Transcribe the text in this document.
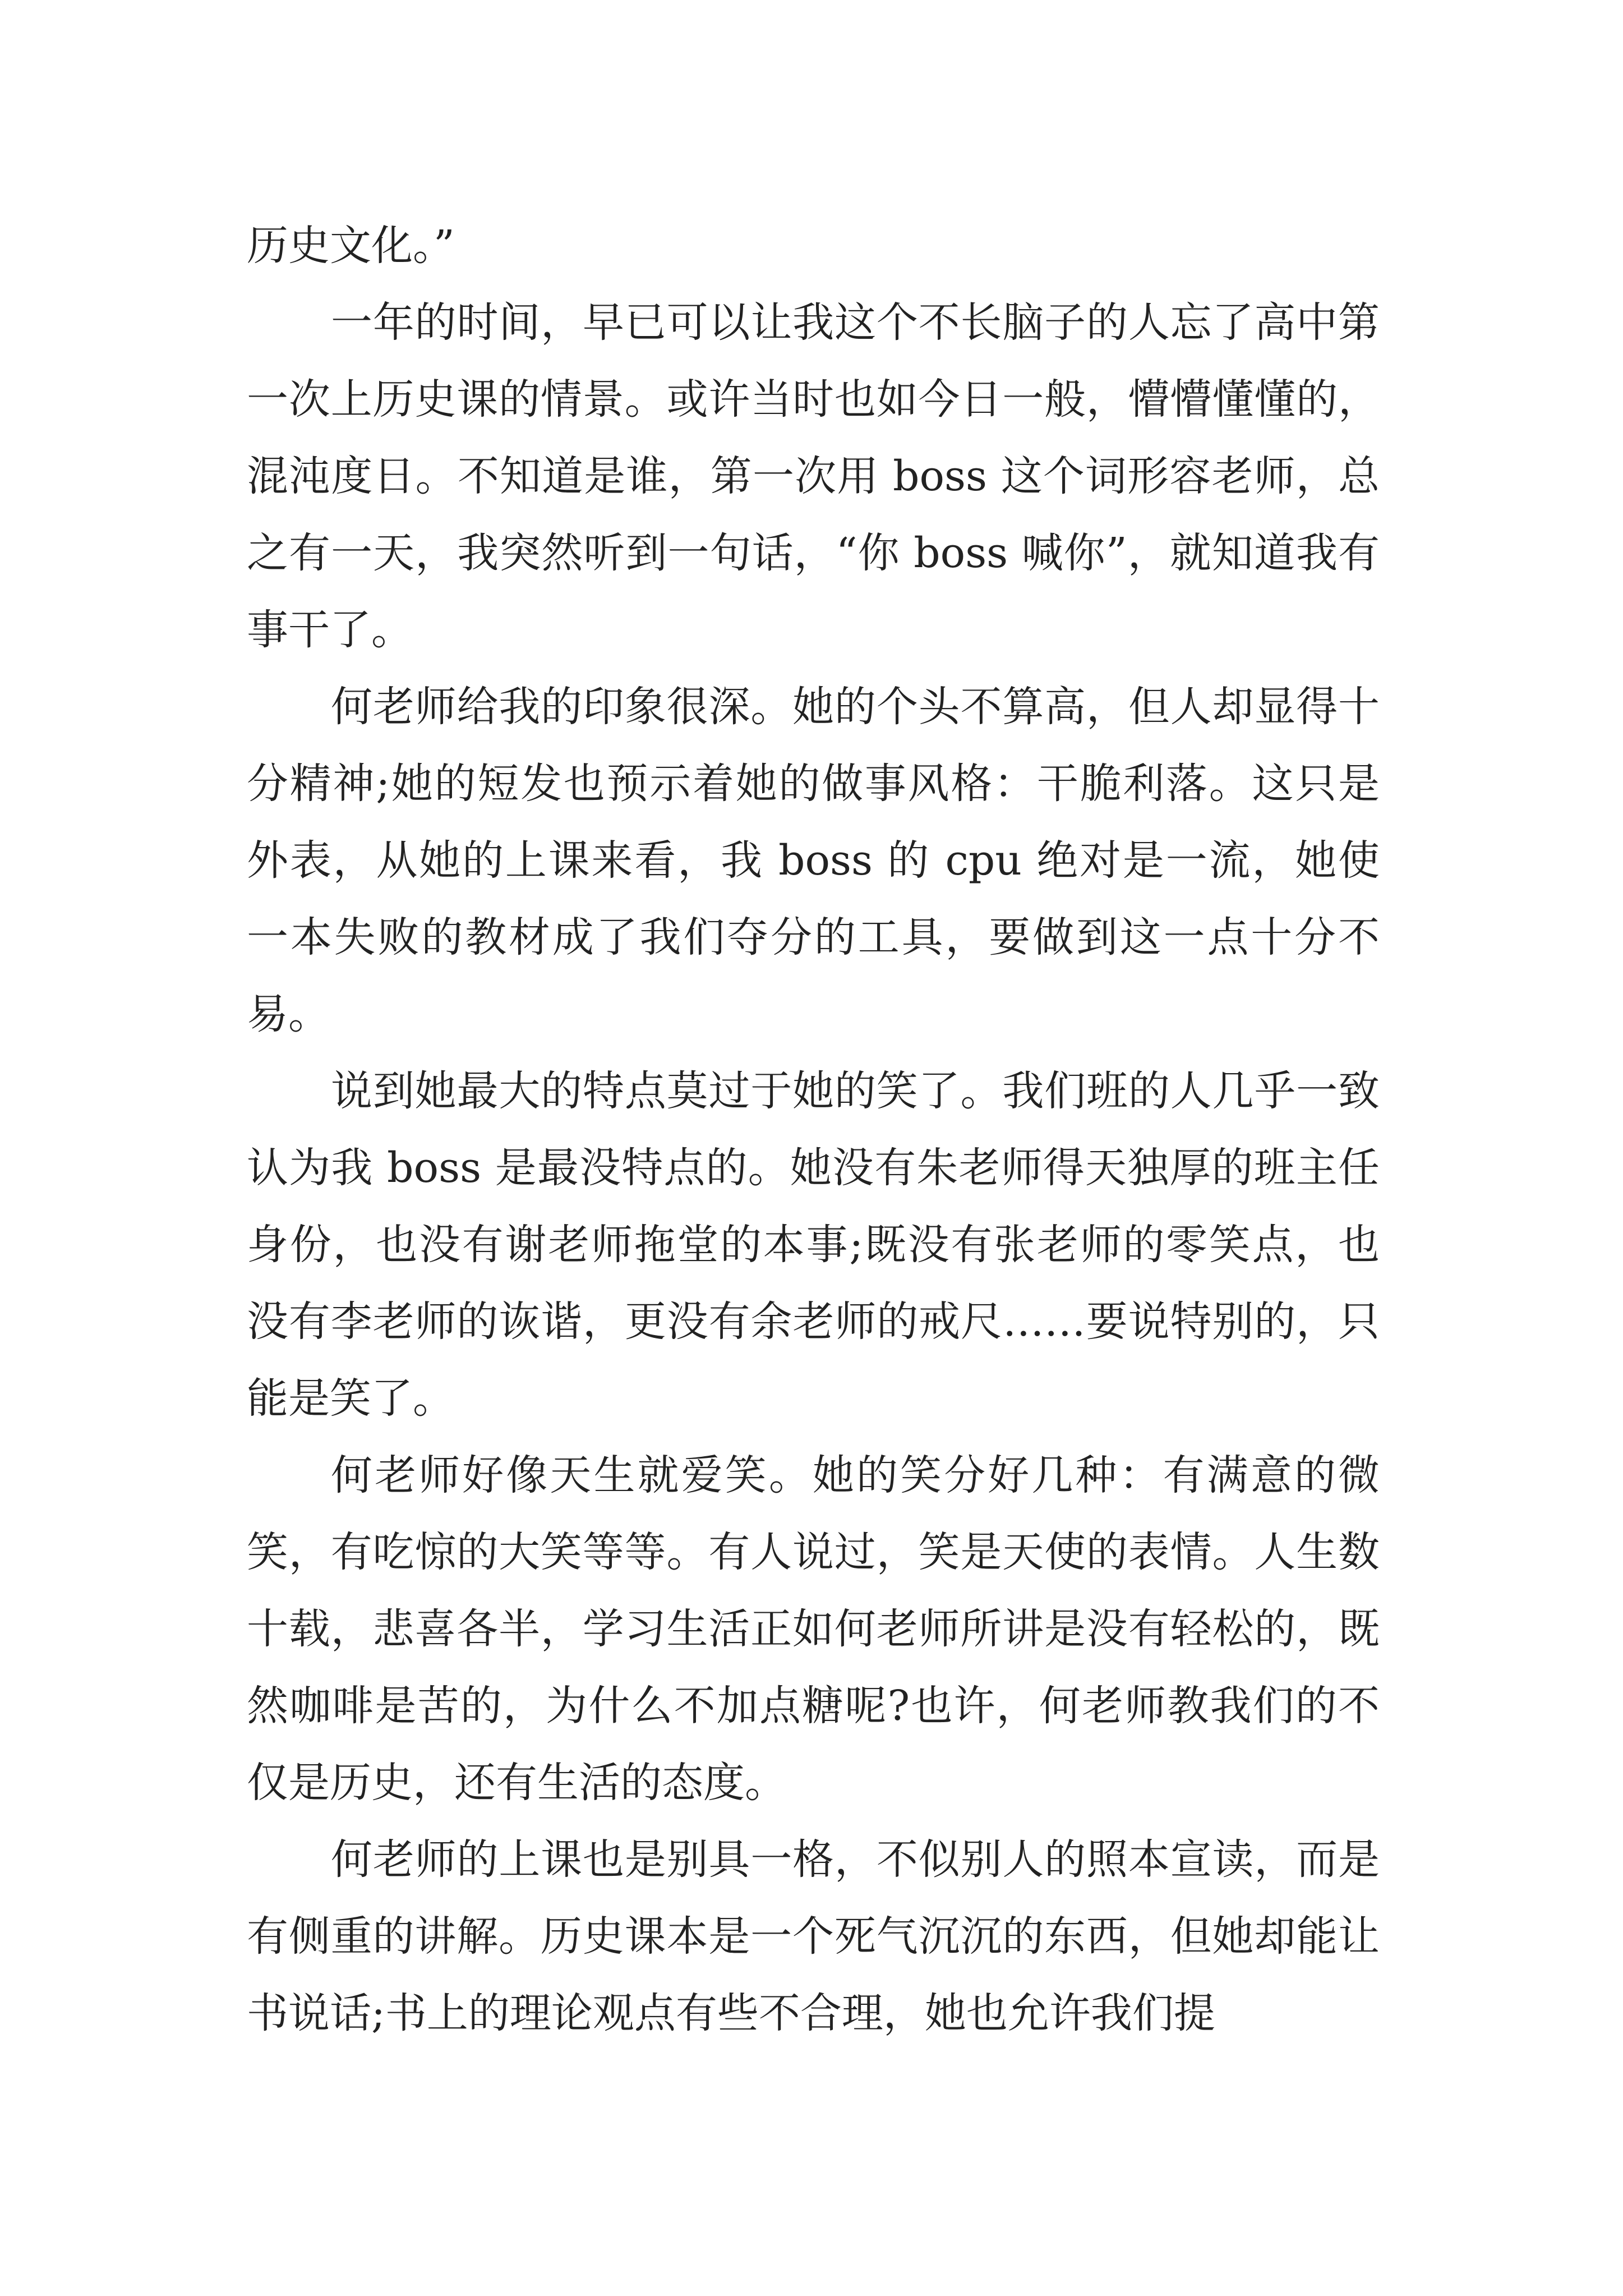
历史文化。”

一年的时间，早已可以让我这个不长脑子的人忘了高中第一次上历史课的情景。或许当时也如今日一般，懵懵懂懂的，混沌度日。不知道是谁，第一次用 boss 这个词形容老师，总之有一天，我突然听到一句话，“你 boss 喊你”，就知道我有事干了。

何老师给我的印象很深。她的个头不算高，但人却显得十分精神;她的短发也预示着她的做事风格：干脆利落。这只是外表，从她的上课来看，我 boss 的 cpu 绝对是一流，她使一本失败的教材成了我们夺分的工具，要做到这一点十分不易。

说到她最大的特点莫过于她的笑了。我们班的人几乎一致认为我 boss 是最没特点的。她没有朱老师得天独厚的班主任身份，也没有谢老师拖堂的本事;既没有张老师的零笑点，也没有李老师的诙谐，更没有余老师的戒尺……要说特别的，只能是笑了。

何老师好像天生就爱笑。她的笑分好几种：有满意的微笑，有吃惊的大笑等等。有人说过，笑是天使的表情。人生数十载，悲喜各半，学习生活正如何老师所讲是没有轻松的，既然咖啡是苦的，为什么不加点糖呢?也许，何老师教我们的不仅是历史，还有生活的态度。

何老师的上课也是别具一格，不似别人的照本宣读，而是有侧重的讲解。历史课本是一个死气沉沉的东西，但她却能让书说话;书上的理论观点有些不合理，她也允许我们提
